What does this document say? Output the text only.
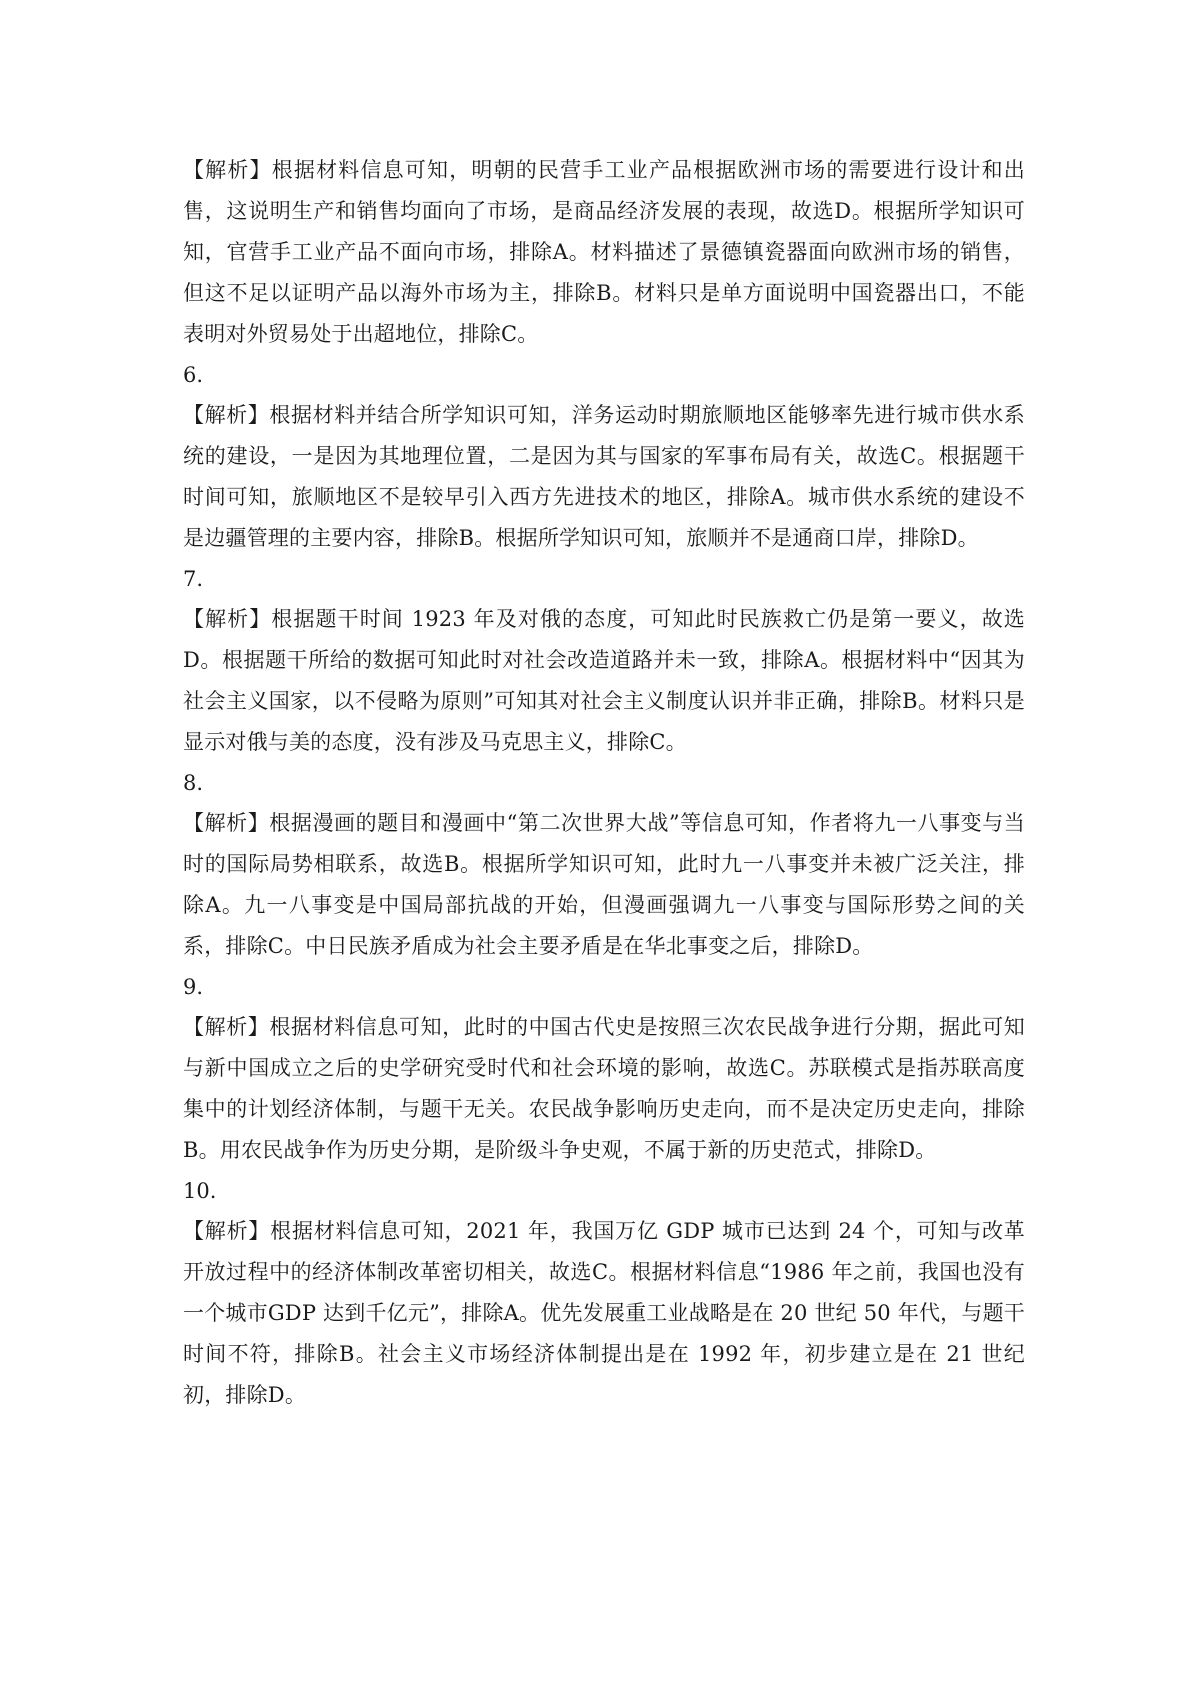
【解析】根据材料信息可知，明朝的民营手工业产品根据欧洲市场的需要进行设计和出售，这说明生产和销售均面向了市场，是商品经济发展的表现，故选D。根据所学知识可知，官营手工业产品不面向市场，排除A。材料描述了景德镇瓷器面向欧洲市场的销售，但这不足以证明产品以海外市场为主，排除B。材料只是单方面说明中国瓷器出口，不能表明对外贸易处于出超地位，排除C。

6.

【解析】根据材料并结合所学知识可知，洋务运动时期旅顺地区能够率先进行城市供水系统的建设，一是因为其地理位置，二是因为其与国家的军事布局有关，故选C。根据题干时间可知，旅顺地区不是较早引入西方先进技术的地区，排除A。城市供水系统的建设不是边疆管理的主要内容，排除B。根据所学知识可知，旅顺并不是通商口岸，排除D。

7.

【解析】根据题干时间 1923 年及对俄的态度，可知此时民族救亡仍是第一要义，故选 D。根据题干所给的数据可知此时对社会改造道路并未一致，排除A。根据材料中“因其为社会主义国家，以不侵略为原则”可知其对社会主义制度认识并非正确，排除B。材料只是显示对俄与美的态度，没有涉及马克思主义，排除C。

8.

【解析】根据漫画的题目和漫画中“第二次世界大战”等信息可知，作者将九一八事变与当时的国际局势相联系，故选B。根据所学知识可知，此时九一八事变并未被广泛关注，排除A。九一八事变是中国局部抗战的开始，但漫画强调九一八事变与国际形势之间的关系，排除C。中日民族矛盾成为社会主要矛盾是在华北事变之后，排除D。

9.

【解析】根据材料信息可知，此时的中国古代史是按照三次农民战争进行分期，据此可知与新中国成立之后的史学研究受时代和社会环境的影响，故选C。苏联模式是指苏联高度集中的计划经济体制，与题干无关。农民战争影响历史走向，而不是决定历史走向，排除B。用农民战争作为历史分期，是阶级斗争史观，不属于新的历史范式，排除D。

10.

【解析】根据材料信息可知，2021 年，我国万亿 GDP 城市已达到 24 个，可知与改革开放过程中的经济体制改革密切相关，故选C。根据材料信息“1986 年之前，我国也没有一个城市GDP 达到千亿元”，排除A。优先发展重工业战略是在 20 世纪 50 年代，与题干时间不符，排除B。社会主义市场经济体制提出是在 1992 年，初步建立是在 21 世纪初，排除D。
